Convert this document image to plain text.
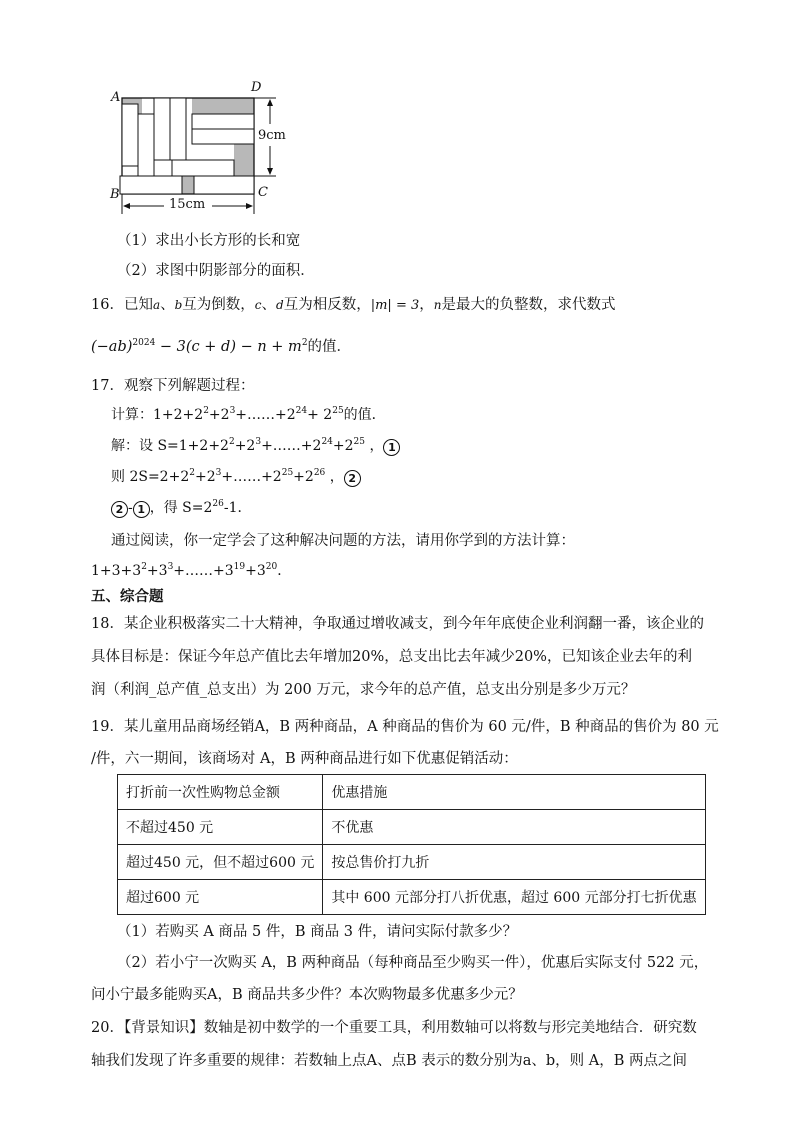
A
D
B	C
9cm
15cm
（1）求出小长方形的长和宽
（2）求图中阴影部分的面积．
16．已知a、b互为倒数，c、d互为相反数，|m| = 3，n是最大的负整数，求代数式
$(-ab)^{2024} - 3(c + d) - n + m^2$的值．
17．观察下列解题过程：
计算：$1+2+2^2+2^3+\dots\dots+2^{24}+ 2^{25}$的值．
解：设 $S=1+2+2^2+2^3+\dots\dots+2^{24}+2^{25}$ ， 1
则 $2S=2+2^2+2^3+\dots\dots+2^{25}+2^{26}$ ， 2
2 - 1 ，得 $S=2^{26}-1$．
通过阅读，你一定学会了这种解决问题的方法，请用你学到的方法计算：
$1+3+3^2+3^3+\dots\dots+3^{19}+3^{20}$．
五、综合题
18．某企业积极落实二十大精神，争取通过增收减支，到今年年底使企业利润翻一番，该企业的
具体目标是：保证今年总产值比去年增加20%，总支出比去年减少20%，已知该企业去年的利
润（利润_总产值_总支出）为 200 万元，求今年的总产值，总支出分别是多少万元？
19．某儿童用品商场经销A，B 两种商品，A 种商品的售价为 60 元/件，B 种商品的售价为 80 元
/件，六一期间，该商场对 A，B 两种商品进行如下优惠促销活动：
打折前一次性购物总金额	优惠措施
不超过450 元	不优惠
超过450 元，但不超过600 元	按总售价打九折
超过600 元	其中 600 元部分打八折优惠，超过 600 元部分打七折优惠
（1）若购买 A 商品 5 件，B 商品 3 件，请问实际付款多少？
（2）若小宁一次购买 A，B 两种商品（每种商品至少购买一件），优惠后实际支付 522 元，
问小宁最多能购买A，B 商品共多少件？本次购物最多优惠多少元？
20．【背景知识】数轴是初中数学的一个重要工具，利用数轴可以将数与形完美地结合．研究数
轴我们发现了许多重要的规律：若数轴上点A、点B 表示的数分别为a、b，则 A，B 两点之间
